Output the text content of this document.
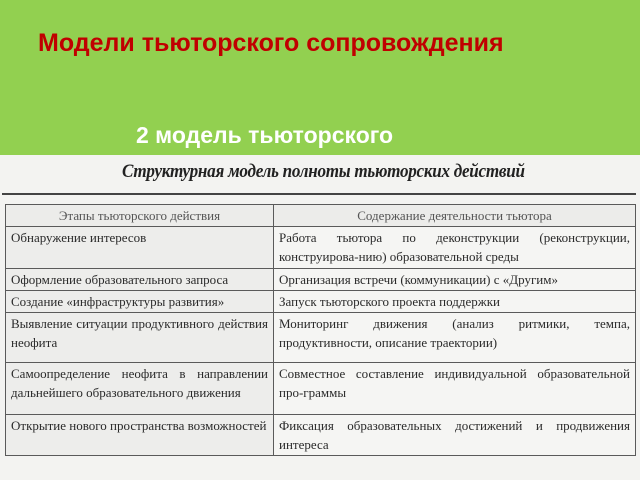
Модели тьюторского сопровождения
2 модель тьюторского
Структурная модель полноты тьюторских действий
Этапы тьюторского действия	Содержание деятельности тьютора
Обнаружение интересов	Работа тьютора по деконструкции (реконструкции, конструирова-нию) образовательной среды
Оформление образовательного запроса	Организация встречи (коммуникации) с «Другим»
Создание «инфраструктуры развития»	Запуск тьюторского проекта поддержки
Выявление ситуации продуктивного действия неофита	Мониторинг движения (анализ ритмики, темпа, продуктивности, описание траектории)
Самоопределение неофита в направлении дальнейшего образовательного движения	Совместное составление индивидуальной образовательной про-граммы
Открытие нового пространства возможностей	Фиксация образовательных достижений и продвижения интереса
